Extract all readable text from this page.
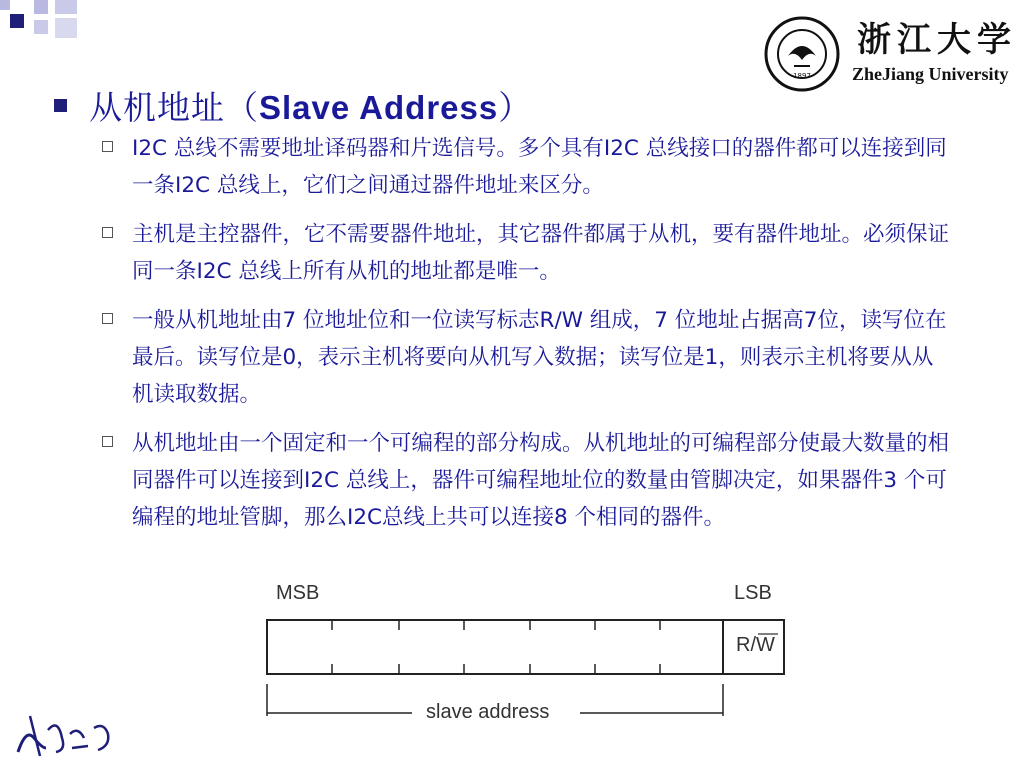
1897
浙江大学
ZheJiang University
从机地址（Slave Address）
I2C 总线不需要地址译码器和片选信号。多个具有I2C 总线接口的器件都可以连接到同一条I2C 总线上，它们之间通过器件地址来区分。
主机是主控器件，它不需要器件地址，其它器件都属于从机，要有器件地址。必须保证同一条I2C 总线上所有从机的地址都是唯一。
一般从机地址由7 位地址位和一位读写标志R/W 组成，7 位地址占据高7位，读写位在最后。读写位是0，表示主机将要向从机写入数据；读写位是1，则表示主机将要从从机读取数据。
从机地址由一个固定和一个可编程的部分构成。从机地址的可编程部分使最大数量的相同器件可以连接到I2C 总线上，器件可编程地址位的数量由管脚决定，如果器件3 个可编程的地址管脚，那么I2C总线上共可以连接8 个相同的器件。
MSB	LSB
R/W
slave address
